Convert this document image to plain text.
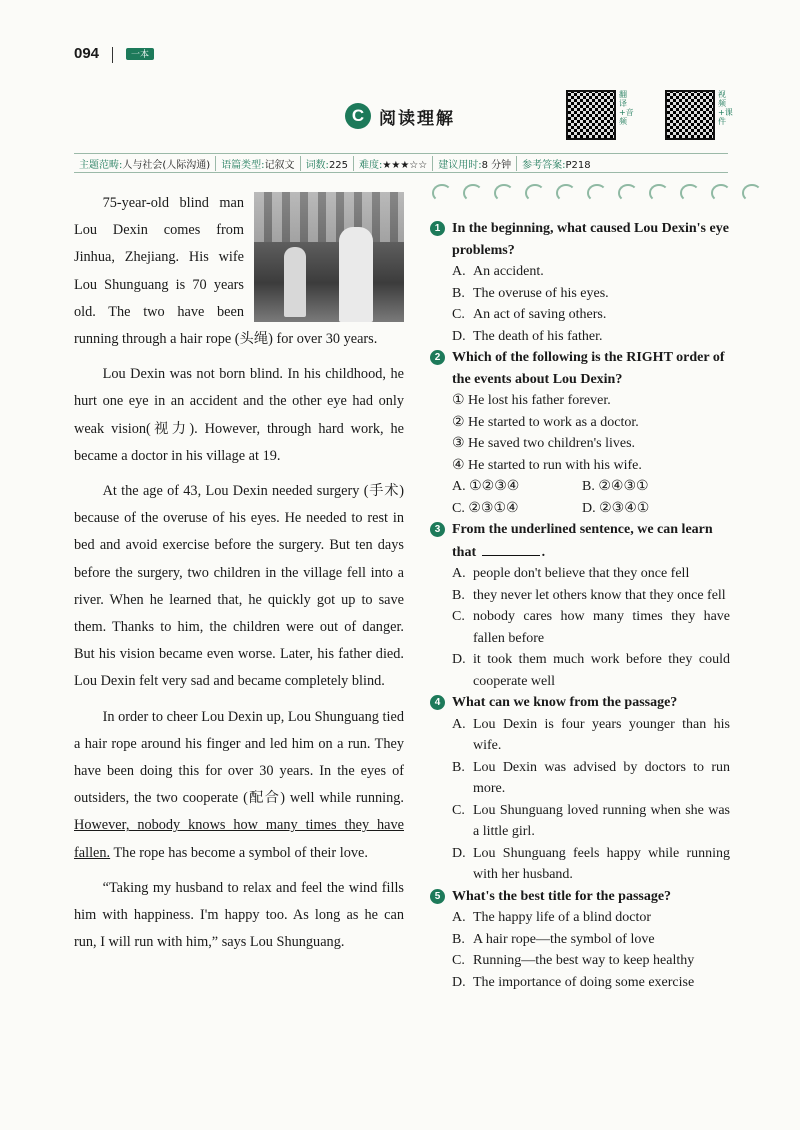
094	一本
C 阅读理解
翻译+音频
视频+课件
主题范畴:人与社会(人际沟通)	语篇类型:记叙文	词数:225	难度:★★★☆☆	建议用时:8 分钟	参考答案:P218

75-year-old blind man Lou Dexin comes from Jinhua, Zhejiang. His wife Lou Shunguang is 70 years old. The two have been running through a hair rope (头绳) for over 30 years.

Lou Dexin was not born blind. In his childhood, he hurt one eye in an accident and the other eye had only weak vision(视力). However, through hard work, he became a doctor in his village at 19.

At the age of 43, Lou Dexin needed surgery (手术) because of the overuse of his eyes. He needed to rest in bed and avoid exercise before the surgery. But ten days before the surgery, two children in the village fell into a river. When he learned that, he quickly got up to save them. Thanks to him, the children were out of danger. But his vision became even worse. Later, his father died. Lou Dexin felt very sad and became completely blind.

In order to cheer Lou Dexin up, Lou Shunguang tied a hair rope around his finger and led him on a run. They have been doing this for over 30 years. In the eyes of outsiders, the two cooperate (配合) well while running. However, nobody knows how many times they have fallen. The rope has become a symbol of their love.

“Taking my husband to relax and feel the wind fills him with happiness. I'm happy too. As long as he can run, I will run with him,” says Lou Shunguang.

1 In the beginning, what caused Lou Dexin's eye problems?
A. An accident.
B. The overuse of his eyes.
C. An act of saving others.
D. The death of his father.
2 Which of the following is the RIGHT order of the events about Lou Dexin?
① He lost his father forever.
② He started to work as a doctor.
③ He saved two children's lives.
④ He started to run with his wife.
A. ①②③④	B. ②④③①
C. ②③①④	D. ②③④①
3 From the underlined sentence, we can learn that	.
A. people don't believe that they once fell
B. they never let others know that they once fell
C. nobody cares how many times they have fallen before
D. it took them much work before they could cooperate well
4 What can we know from the passage?
A. Lou Dexin is four years younger than his wife.
B. Lou Dexin was advised by doctors to run more.
C. Lou Shunguang loved running when she was a little girl.
D. Lou Shunguang feels happy while running with her husband.
5 What's the best title for the passage?
A. The happy life of a blind doctor
B. A hair rope—the symbol of love
C. Running—the best way to keep healthy
D. The importance of doing some exercise
